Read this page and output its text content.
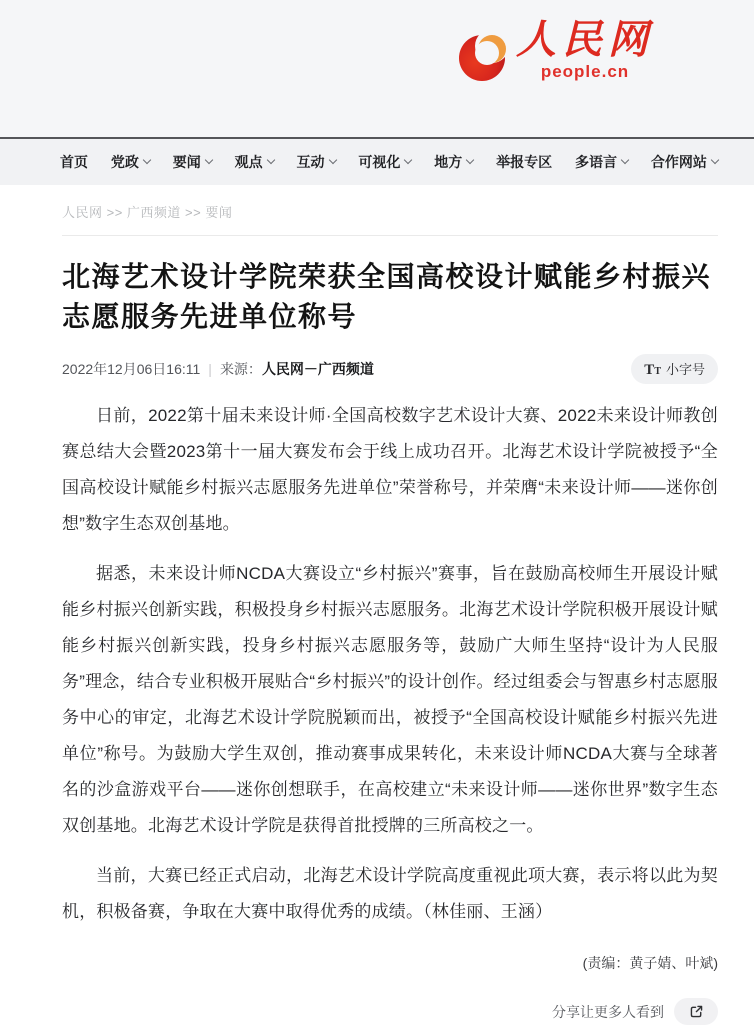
人民网
people.cn
首页 党政 要闻 观点 互动 可视化 地方 举报专区 多语言 合作网站
人民网 >> 广西频道 >> 要闻
北海艺术设计学院荣获全国高校设计赋能乡村振兴志愿服务先进单位称号
2022年12月06日16:11 | 来源： 人民网－广西频道	T T 小字号

日前，2022第十届未来设计师·全国高校数字艺术设计大赛、2022未来设计师教创赛总结大会暨2023第十一届大赛发布会于线上成功召开。北海艺术设计学院被授予“全国高校设计赋能乡村振兴志愿服务先进单位”荣誉称号，并荣膺“未来设计师——迷你创想”数字生态双创基地。

据悉，未来设计师NCDA大赛设立“乡村振兴”赛事，旨在鼓励高校师生开展设计赋能乡村振兴创新实践，积极投身乡村振兴志愿服务。北海艺术设计学院积极开展设计赋能乡村振兴创新实践，投身乡村振兴志愿服务等，鼓励广大师生坚持“设计为人民服务”理念，结合专业积极开展贴合“乡村振兴”的设计创作。经过组委会与智惠乡村志愿服务中心的审定，北海艺术设计学院脱颖而出，被授予“全国高校设计赋能乡村振兴先进单位”称号。为鼓励大学生双创，推动赛事成果转化，未来设计师NCDA大赛与全球著名的沙盒游戏平台——迷你创想联手，在高校建立“未来设计师——迷你世界”数字生态双创基地。北海艺术设计学院是获得首批授牌的三所高校之一。

当前，大赛已经正式启动，北海艺术设计学院高度重视此项大赛，表示将以此为契机，积极备赛，争取在大赛中取得优秀的成绩。（林佳丽、王涵）

(责编：黄子婧、叶斌)
分享让更多人看到
